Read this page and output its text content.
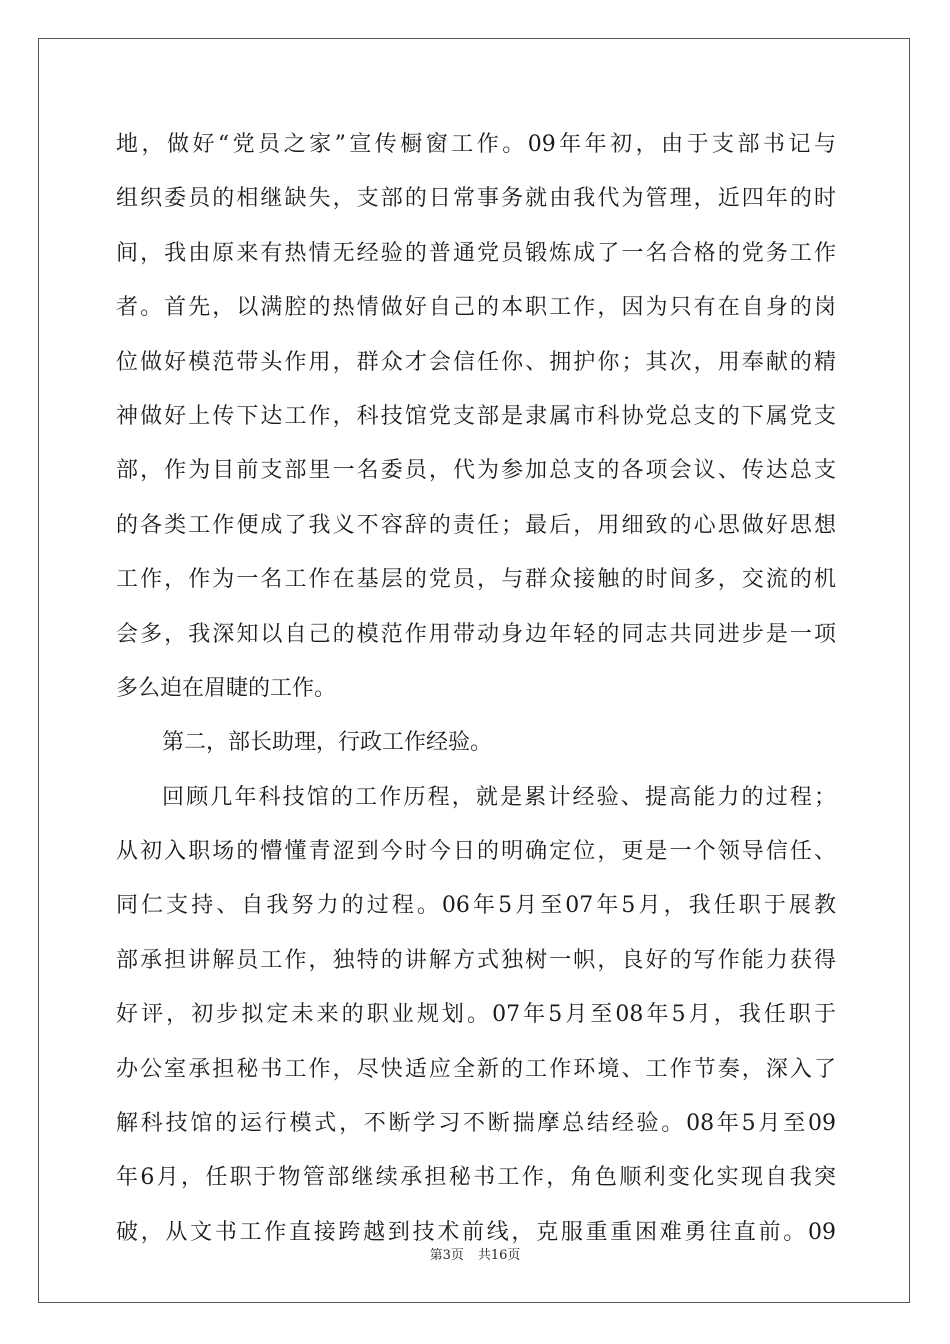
地，做好“党员之家”宣传橱窗工作。09年年初，由于支部书记与
组织委员的相继缺失，支部的日常事务就由我代为管理，近四年的时
间，我由原来有热情无经验的普通党员锻炼成了一名合格的党务工作
者。首先，以满腔的热情做好自己的本职工作，因为只有在自身的岗
位做好模范带头作用，群众才会信任你、拥护你；其次，用奉献的精
神做好上传下达工作，科技馆党支部是隶属市科协党总支的下属党支
部，作为目前支部里一名委员，代为参加总支的各项会议、传达总支
的各类工作便成了我义不容辞的责任；最后，用细致的心思做好思想
工作，作为一名工作在基层的党员，与群众接触的时间多，交流的机
会多，我深知以自己的模范作用带动身边年轻的同志共同进步是一项
多么迫在眉睫的工作。
第二，部长助理，行政工作经验。
回顾几年科技馆的工作历程，就是累计经验、提高能力的过程；
从初入职场的懵懂青涩到今时今日的明确定位，更是一个领导信任、
同仁支持、自我努力的过程。06年5月至07年5月，我任职于展教
部承担讲解员工作，独特的讲解方式独树一帜，良好的写作能力获得
好评，初步拟定未来的职业规划。07年5月至08年5月，我任职于
办公室承担秘书工作，尽快适应全新的工作环境、工作节奏，深入了
解科技馆的运行模式，不断学习不断揣摩总结经验。08年5月至09
年6月，任职于物管部继续承担秘书工作，角色顺利变化实现自我突
破，从文书工作直接跨越到技术前线，克服重重困难勇往直前。09
第3页 共16页
